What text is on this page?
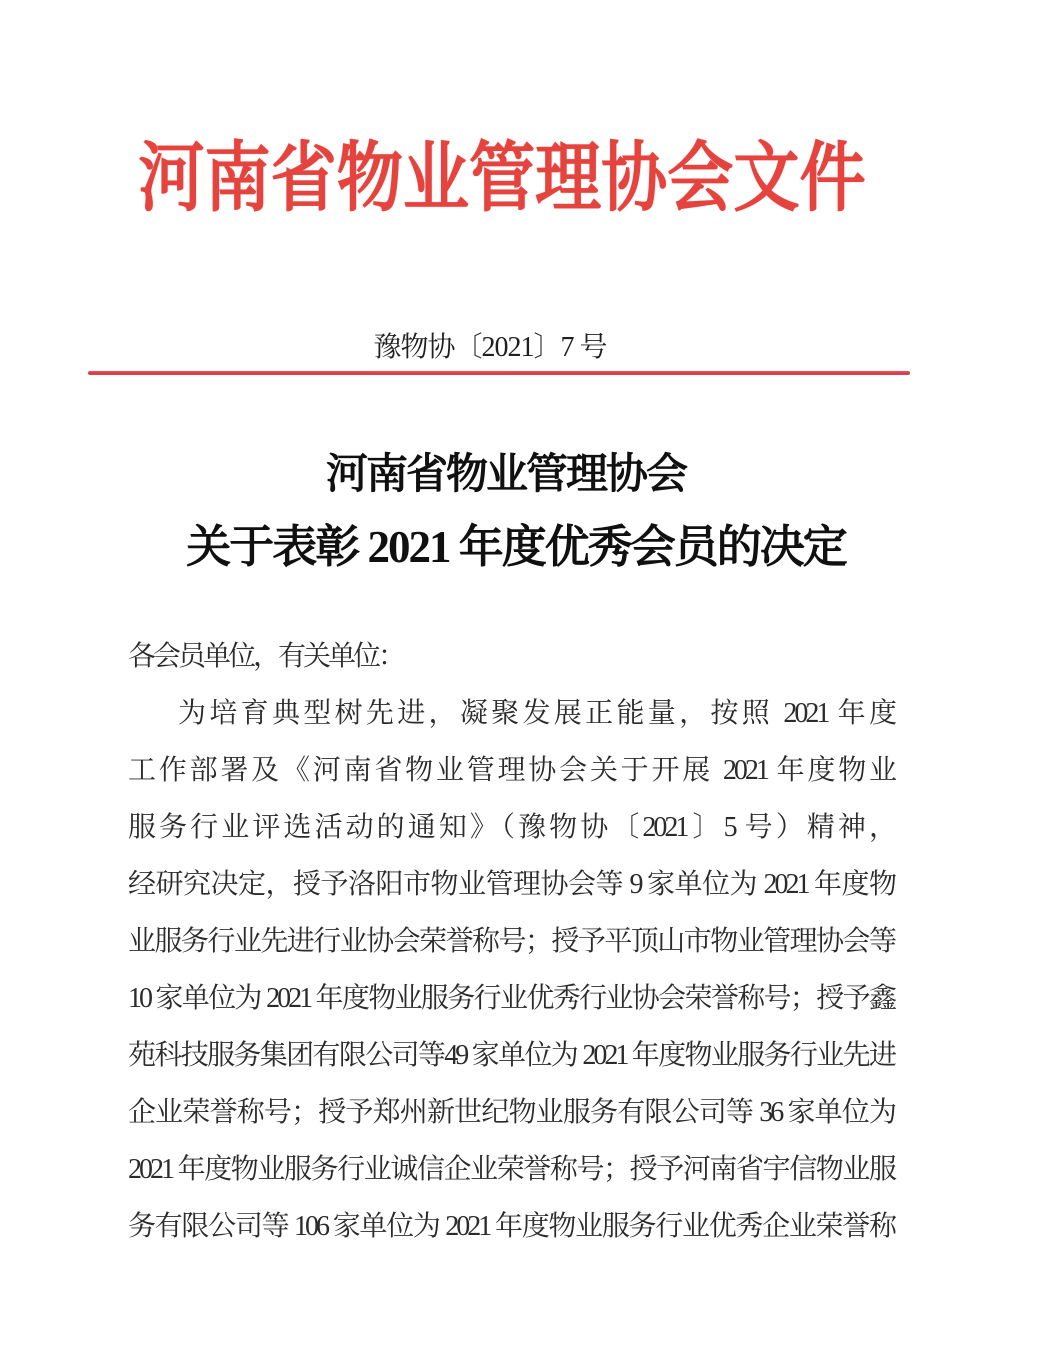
河南省物业管理协会文件
豫物协〔2021〕7 号
河南省物业管理协会
关于表彰 2021 年度优秀会员的决定
各会员单位，有关单位：
为培育典型树先进，凝聚发展正能量，按照 2021 年度
工作部署及《河南省物业管理协会关于开展 2021 年度物业
服务行业评选活动的通知》（豫物协〔2021〕5 号）精神，
经研究决定，授予洛阳市物业管理协会等 9 家单位为 2021 年度物
业服务行业先进行业协会荣誉称号；授予平顶山市物业管理协会等
10 家单位为 2021 年度物业服务行业优秀行业协会荣誉称号；授予鑫
苑科技服务集团有限公司等49 家单位为 2021 年度物业服务行业先进
企业荣誉称号；授予郑州新世纪物业服务有限公司等 36 家单位为
2021 年度物业服务行业诚信企业荣誉称号；授予河南省宇信物业服
务有限公司等 106 家单位为 2021 年度物业服务行业优秀企业荣誉称
